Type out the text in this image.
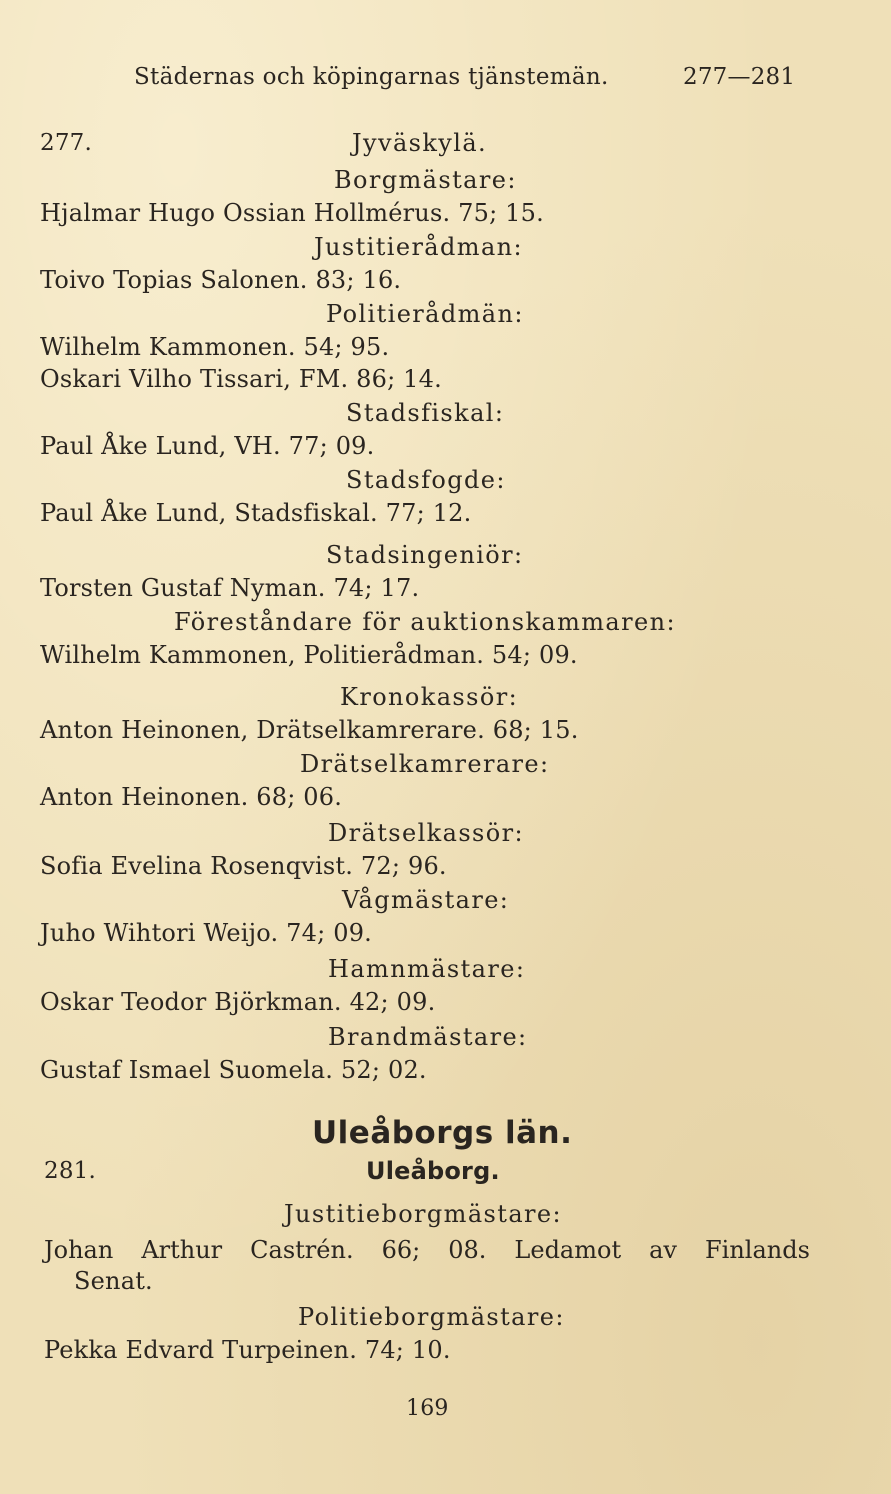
Städernas och köpingarnas tjänstemän.	277—281
277.	Jyväskylä.
Borgmästare:
Hjalmar Hugo Ossian Hollmérus. 75; 15.
Justitierådman:
Toivo Topias Salonen. 83; 16.
Politierådmän:
Wilhelm Kammonen. 54; 95.
Oskari Vilho Tissari, FM. 86; 14.
Stadsfiskal:
Paul Åke Lund, VH. 77; 09.
Stadsfogde:
Paul Åke Lund, Stadsfiskal. 77; 12.
Stadsingeniör:
Torsten Gustaf Nyman. 74; 17.
Föreståndare för auktionskammaren:
Wilhelm Kammonen, Politierådman. 54; 09.
Kronokassör:
Anton Heinonen, Drätselkamrerare. 68; 15.
Drätselkamrerare:
Anton Heinonen. 68; 06.
Drätselkassör:
Sofia Evelina Rosenqvist. 72; 96.
Vågmästare:
Juho Wihtori Weijo. 74; 09.
Hamnmästare:
Oskar Teodor Björkman. 42; 09.
Brandmästare:
Gustaf Ismael Suomela. 52; 02.
Uleåborgs län.
281.	Uleåborg.
Justitieborgmästare:
Johan Arthur Castrén. 66; 08. Ledamot av Finlands
Senat.
Politieborgmästare:
Pekka Edvard Turpeinen. 74; 10.
169
